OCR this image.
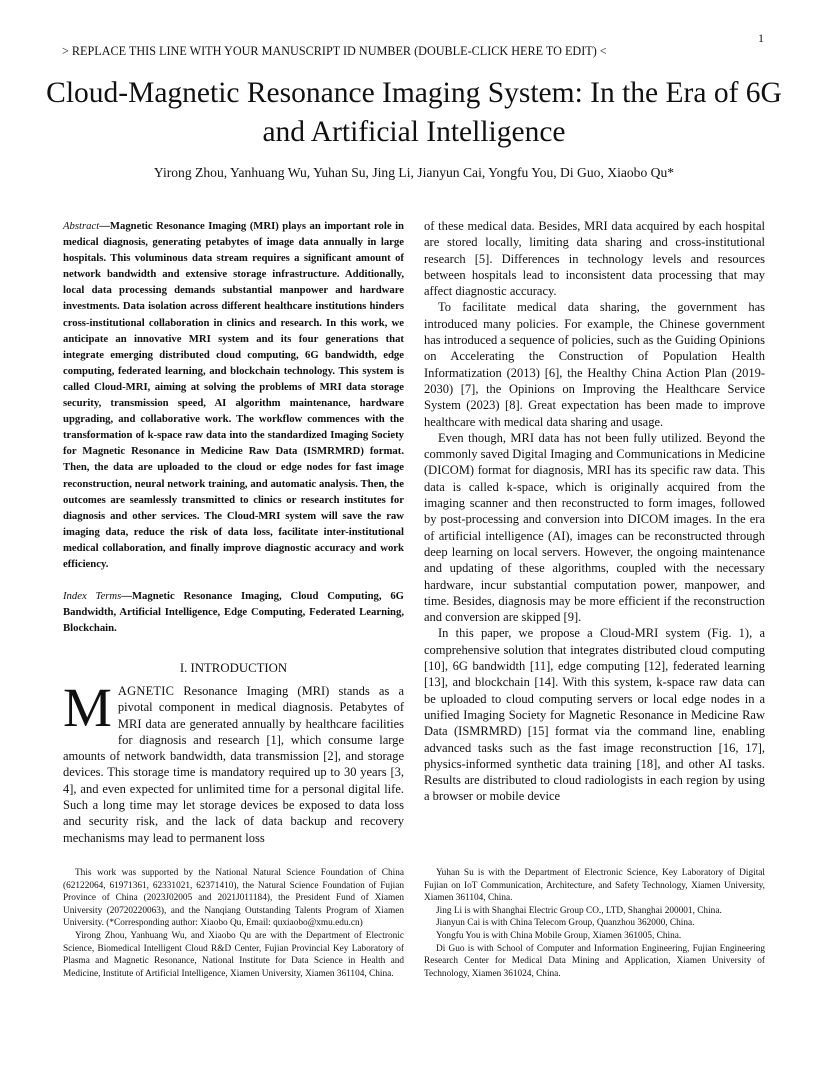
1
> REPLACE THIS LINE WITH YOUR MANUSCRIPT ID NUMBER (DOUBLE-CLICK HERE TO EDIT) <
Cloud-Magnetic Resonance Imaging System: In the Era of 6G and Artificial Intelligence
Yirong Zhou, Yanhuang Wu, Yuhan Su, Jing Li, Jianyun Cai, Yongfu You, Di Guo, Xiaobo Qu*
Abstract—Magnetic Resonance Imaging (MRI) plays an important role in medical diagnosis, generating petabytes of image data annually in large hospitals. This voluminous data stream requires a significant amount of network bandwidth and extensive storage infrastructure. Additionally, local data processing demands substantial manpower and hardware investments. Data isolation across different healthcare institutions hinders cross-institutional collaboration in clinics and research. In this work, we anticipate an innovative MRI system and its four generations that integrate emerging distributed cloud computing, 6G bandwidth, edge computing, federated learning, and blockchain technology. This system is called Cloud-MRI, aiming at solving the problems of MRI data storage security, transmission speed, AI algorithm maintenance, hardware upgrading, and collaborative work. The workflow commences with the transformation of k-space raw data into the standardized Imaging Society for Magnetic Resonance in Medicine Raw Data (ISMRMRD) format. Then, the data are uploaded to the cloud or edge nodes for fast image reconstruction, neural network training, and automatic analysis. Then, the outcomes are seamlessly transmitted to clinics or research institutes for diagnosis and other services. The Cloud-MRI system will save the raw imaging data, reduce the risk of data loss, facilitate inter-institutional medical collaboration, and finally improve diagnostic accuracy and work efficiency.
Index Terms—Magnetic Resonance Imaging, Cloud Computing, 6G Bandwidth, Artificial Intelligence, Edge Computing, Federated Learning, Blockchain.
I. INTRODUCTION
MAGNETIC Resonance Imaging (MRI) stands as a pivotal component in medical diagnosis. Petabytes of MRI data are generated annually by healthcare facilities for diagnosis and research [1], which consume large amounts of network bandwidth, data transmission [2], and storage devices. This storage time is mandatory required up to 30 years [3, 4], and even expected for unlimited time for a personal digital life. Such a long time may let storage devices be exposed to data loss and security risk, and the lack of data backup and recovery mechanisms may lead to permanent loss

of these medical data. Besides, MRI data acquired by each hospital are stored locally, limiting data sharing and cross-institutional research [5]. Differences in technology levels and resources between hospitals lead to inconsistent data processing that may affect diagnostic accuracy.

To facilitate medical data sharing, the government has introduced many policies. For example, the Chinese government has introduced a sequence of policies, such as the Guiding Opinions on Accelerating the Construction of Population Health Informatization (2013) [6], the Healthy China Action Plan (2019-2030) [7], the Opinions on Improving the Healthcare Service System (2023) [8]. Great expectation has been made to improve healthcare with medical data sharing and usage.

Even though, MRI data has not been fully utilized. Beyond the commonly saved Digital Imaging and Communications in Medicine (DICOM) format for diagnosis, MRI has its specific raw data. This data is called k-space, which is originally acquired from the imaging scanner and then reconstructed to form images, followed by post-processing and conversion into DICOM images. In the era of artificial intelligence (AI), images can be reconstructed through deep learning on local servers. However, the ongoing maintenance and updating of these algorithms, coupled with the necessary hardware, incur substantial computation power, manpower, and time. Besides, diagnosis may be more efficient if the reconstruction and conversion are skipped [9].

In this paper, we propose a Cloud-MRI system (Fig. 1), a comprehensive solution that integrates distributed cloud computing [10], 6G bandwidth [11], edge computing [12], federated learning [13], and blockchain [14]. With this system, k-space raw data can be uploaded to cloud computing servers or local edge nodes in a unified Imaging Society for Magnetic Resonance in Medicine Raw Data (ISMRMRD) [15] format via the command line, enabling advanced tasks such as the fast image reconstruction [16, 17], physics-informed synthetic data training [18], and other AI tasks. Results are distributed to cloud radiologists in each region by using a browser or mobile device

This work was supported by the National Natural Science Foundation of China (62122064, 61971361, 62331021, 62371410), the Natural Science Foundation of Fujian Province of China (2023J02005 and 2021J011184), the President Fund of Xiamen University (20720220063), and the Nanqiang Outstanding Talents Program of Xiamen University. (*Corresponding author: Xiaobo Qu, Email: quxiaobo@xmu.edu.cn)

Yirong Zhou, Yanhuang Wu, and Xiaobo Qu are with the Department of Electronic Science, Biomedical Intelligent Cloud R&D Center, Fujian Provincial Key Laboratory of Plasma and Magnetic Resonance, National Institute for Data Science in Health and Medicine, Institute of Artificial Intelligence, Xiamen University, Xiamen 361104, China.

Yuhan Su is with the Department of Electronic Science, Key Laboratory of Digital Fujian on IoT Communication, Architecture, and Safety Technology, Xiamen University, Xiamen 361104, China.

Jing Li is with Shanghai Electric Group CO., LTD, Shanghai 200001, China.

Jianyun Cai is with China Telecom Group, Quanzhou 362000, China.

Yongfu You is with China Mobile Group, Xiamen 361005, China.

Di Guo is with School of Computer and Information Engineering, Fujian Engineering Research Center for Medical Data Mining and Application, Xiamen University of Technology, Xiamen 361024, China.
